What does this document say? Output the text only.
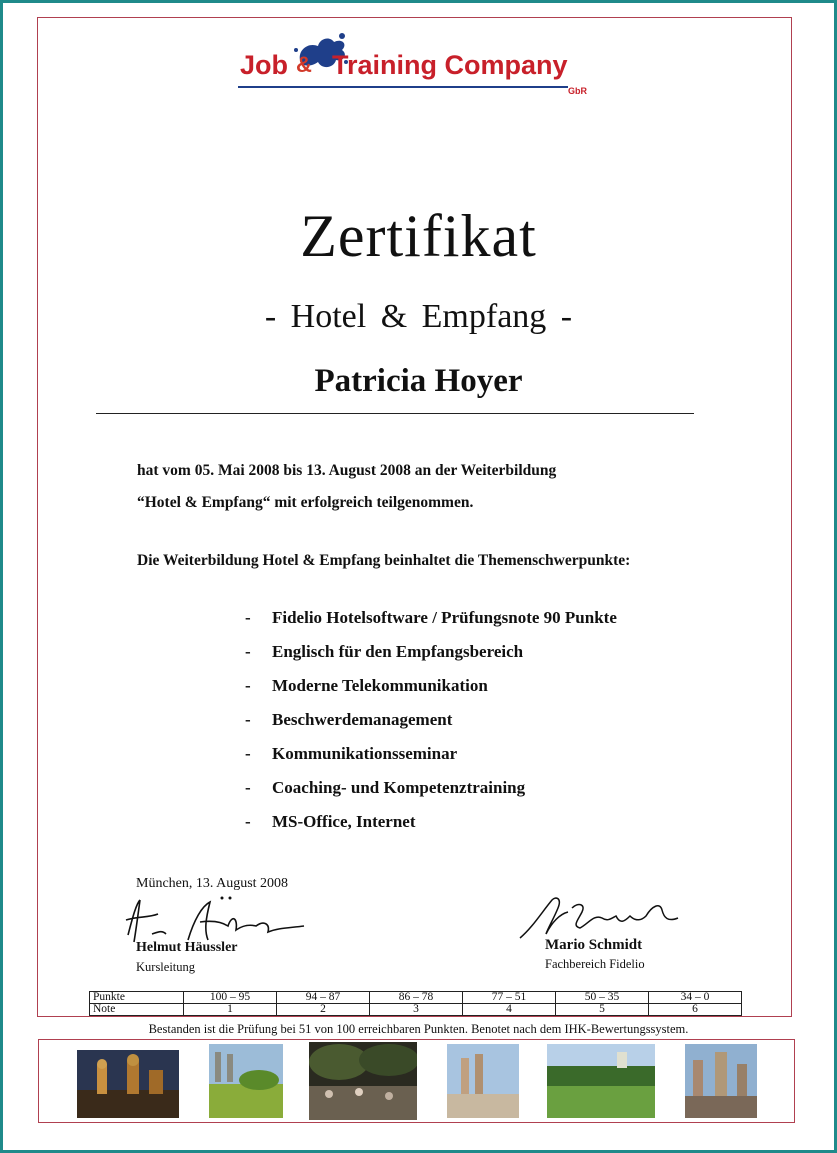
Job & Training Company
GbR
Zertifikat
- Hotel & Empfang -
Patricia Hoyer
hat vom 05. Mai 2008 bis 13. August 2008 an der Weiterbildung
“Hotel & Empfang“ mit erfolgreich teilgenommen.
Die Weiterbildung Hotel & Empfang beinhaltet die Themenschwerpunkte:
- Fidelio Hotelsoftware / Prüfungsnote 90 Punkte
- Englisch für den Empfangsbereich
- Moderne Telekommunikation
- Beschwerdemanagement
- Kommunikationsseminar
- Coaching- und Kompetenztraining
- MS-Office, Internet
München, 13. August 2008
Helmut Häussler
Kursleitung
Mario Schmidt
Fachbereich Fidelio
Punkte	100 – 95	94 – 87	86 – 78	77 – 51	50 – 35	34 – 0
Note	1	2	3	4	5	6
Bestanden ist die Prüfung bei 51 von 100 erreichbaren Punkten. Benotet nach dem IHK-Bewertungssystem.
